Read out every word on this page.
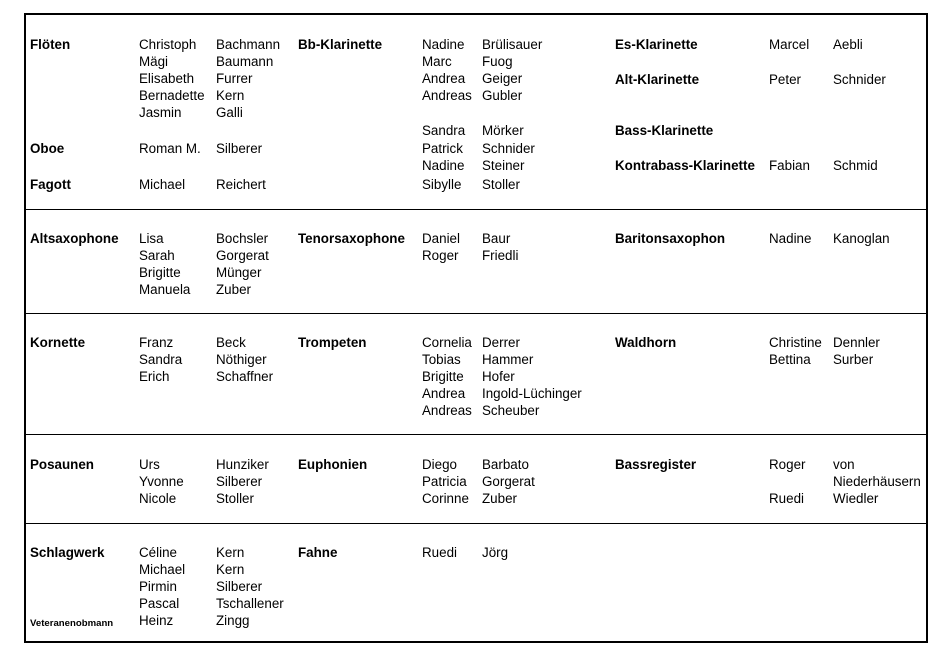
Flöten	Christoph Bachmann
Mägi	Baumann
Elisabeth Furrer
Bernadette Kern
Jasmin	Galli
Oboe	Roman M. Silberer
Fagott	Michael Reichert
Bb-Klarinette	Nadine Brülisauer
Marc Fuog
Andrea Geiger
Andreas Gubler
Sandra Mörker
Patrick Schnider
Nadine Steiner
Sibylle Stoller
Es-Klarinette	Marcel Aebli
Alt-Klarinette	Peter Schnider
Bass-Klarinette
Kontrabass-Klarinette Fabian Schmid
Altsaxophone Lisa	Bochsler
Sarah	Gorgerat
Brigitte	Münger
Manuela Zuber
Tenorsaxophone Daniel Baur
Roger Friedli
Baritonsaxophon	Nadine Kanoglan
Kornette	Franz	Beck
Sandra	Nöthiger
Erich	Schaffner
Trompeten	Cornelia Derrer
Tobias Hammer
Brigitte Hofer
Andrea Ingold-Lüchinger
Andreas Scheuber
Waldhorn	Christine Dennler
Bettina Surber
Posaunen	Urs	Hunziker
Yvonne Silberer
Nicole	Stoller
Euphonien	Diego Barbato
Patricia Gorgerat
Corinne Zuber
Bassregister	Roger von
Niederhäusern
Ruedi Wiedler
Schlagwerk	Céline	Kern
Michael Kern
Pirmin	Silberer
Pascal	Tschallener
Veteranenobmann Heinz	Zingg
Fahne	Ruedi Jörg
